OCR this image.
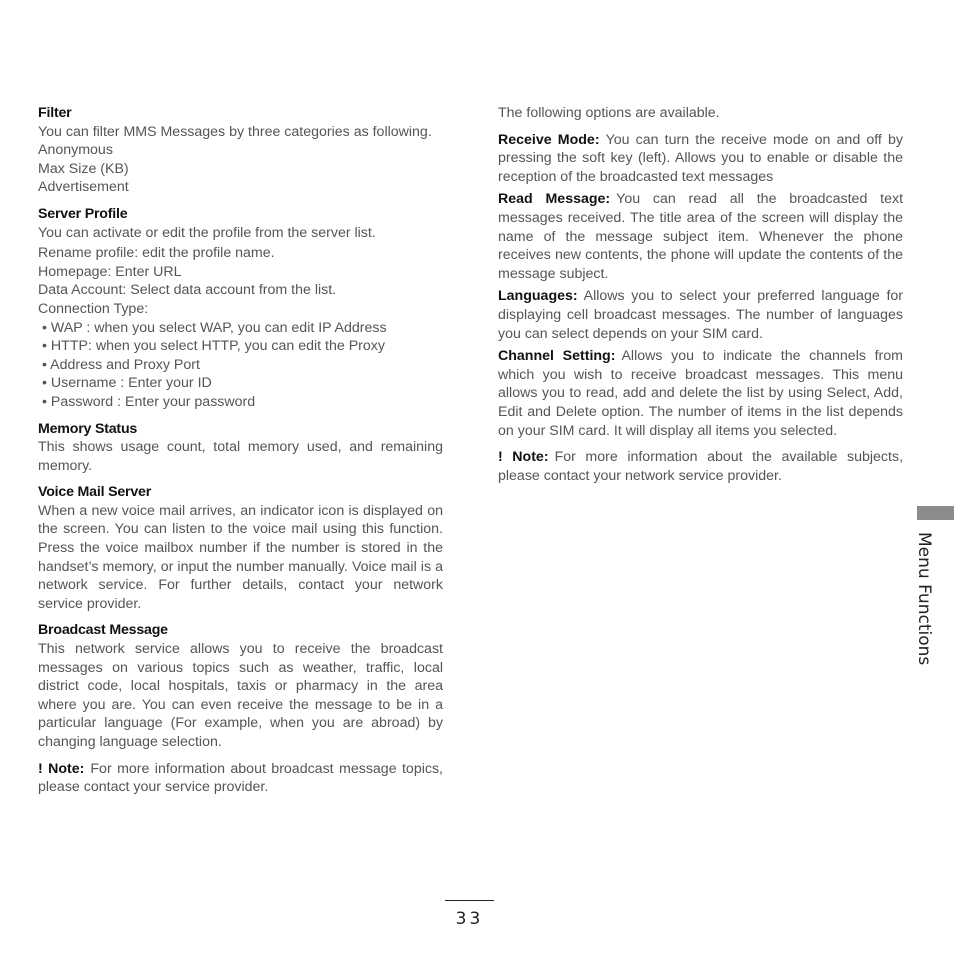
Filter

You can filter MMS Messages by three categories as following.

Anonymous
Max Size (KB)
Advertisement

Server Profile

You can activate or edit the profile from the server list.
Rename profile: edit the profile name.
Homepage: Enter URL
Data Account: Select data account from the list.
Connection Type:
• WAP : when you select WAP, you can edit IP Address
• HTTP: when you select HTTP, you can edit the Proxy
• Address and Proxy Port
• Username : Enter your ID
• Password : Enter your password

Memory Status

This shows usage count, total memory used, and remaining memory.

Voice Mail Server

When a new voice mail arrives, an indicator icon is displayed on the screen. You can listen to the voice mail using this function. Press the voice mailbox number if the number is stored in the handset’s memory, or input the number manually. Voice mail is a network service. For further details, contact your network service provider.

Broadcast Message

This network service allows you to receive the broadcast messages on various topics such as weather, traffic, local district code, local hospitals, taxis or pharmacy in the area where you are. You can even receive the message to be in a particular language (For example, when you are abroad) by changing language selection.

! Note: For more information about broadcast message topics, please contact your service provider.

The following options are available.

Receive Mode: You can turn the receive mode on and off by pressing the soft key (left). Allows you to enable or disable the reception of the broadcasted text messages

Read Message: You can read all the broadcasted text messages received. The title area of the screen will display the name of the message subject item. Whenever the phone receives new contents, the phone will update the contents of the message subject.

Languages: Allows you to select your preferred language for displaying cell broadcast messages. The number of languages you can select depends on your SIM card.

Channel Setting: Allows you to indicate the channels from which you wish to receive broadcast messages. This menu allows you to read, add and delete the list by using Select, Add, Edit and Delete option. The number of items in the list depends on your SIM card. It will display all items you selected.

! Note: For more information about the available subjects, please contact your network service provider.

Menu Functions
33
